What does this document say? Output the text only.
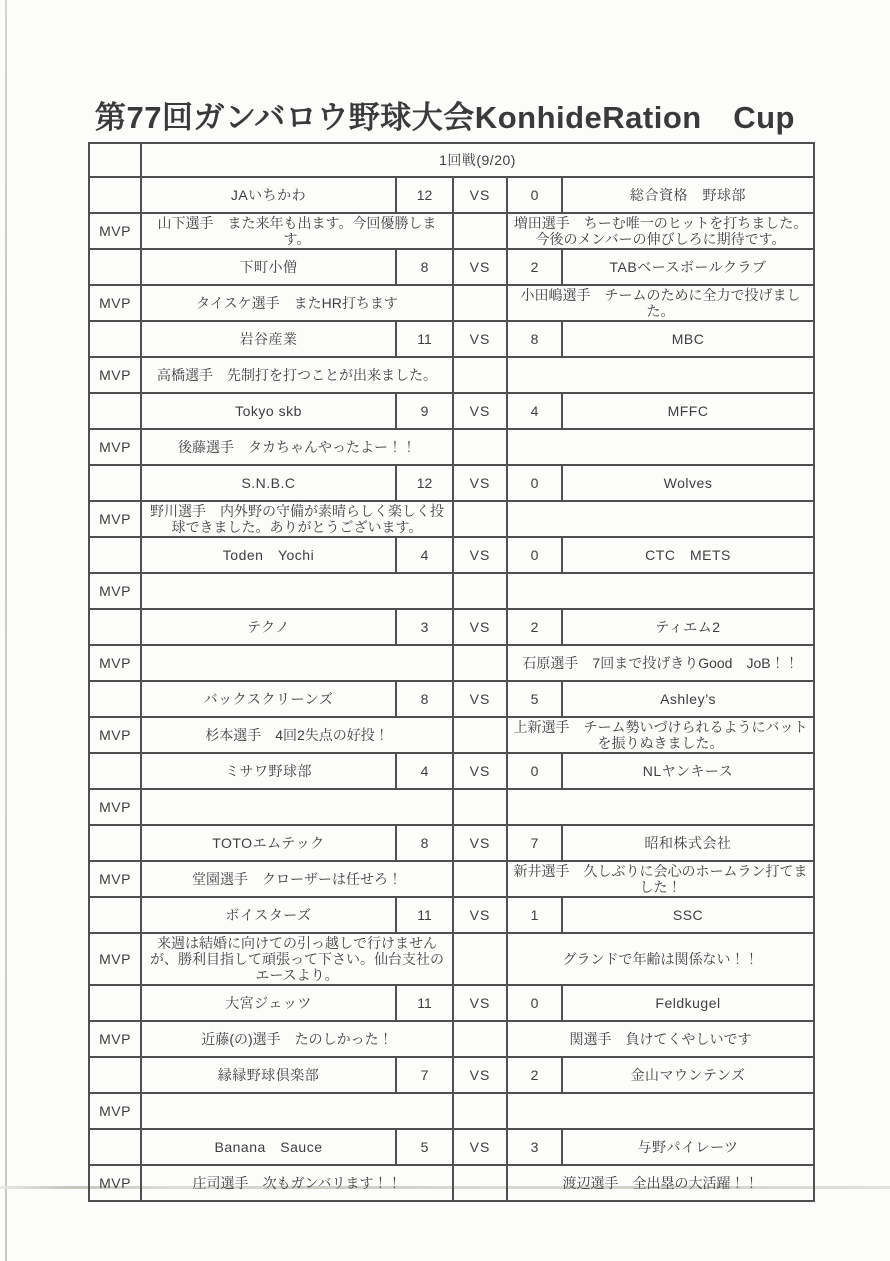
第77回ガンバロウ野球大会KonhideRation　Cup
	1回戦(9/20)				
	JAいちかわ	12	VS	0	総合資格　野球部
MVP	山下選手　また来年も出ます。今回優勝します。			増田選手　ちーむ唯一のヒットを打ちました。今後のメンバーの伸びしろに期待です。	
	下町小僧	8	VS	2	TABベースボールクラブ
MVP	タイスケ選手　またHR打ちます			小田嶋選手　チームのために全力で投げました。	
	岩谷産業	11	VS	8	MBC
MVP	高橋選手　先制打を打つことが出来ました。				
	Tokyo skb	9	VS	4	MFFC
MVP	後藤選手　タカちゃんやったよー！！				
	S.N.B.C	12	VS	0	Wolves
MVP	野川選手　内外野の守備が素晴らしく楽しく投球できました。ありがとうございます。				
	Toden　Yochi	4	VS	0	CTC　METS
MVP					
	テクノ	3	VS	2	ティエム2
MVP				石原選手　7回まで投げきりGood　JoB！！	
	バックスクリーンズ	8	VS	5	Ashley’s
MVP	杉本選手　4回2失点の好投！			上新選手　チーム勢いづけられるようにバットを振りぬきました。	
	ミサワ野球部	4	VS	0	NLヤンキース
MVP					
	TOTOエムテック	8	VS	7	昭和株式会社
MVP	堂園選手　クローザーは任せろ！			新井選手　久しぶりに会心のホームラン打てました！	
	ボイスターズ	11	VS	1	SSC
MVP	来週は結婚に向けての引っ越しで行けませんが、勝利目指して頑張って下さい。仙台支社のエースより。			グランドで年齢は関係ない！！	
	大宮ジェッツ	11	VS	0	Feldkugel
MVP	近藤(の)選手　たのしかった！			関選手　負けてくやしいです	
	縁縁野球倶楽部	7	VS	2	金山マウンテンズ
MVP					
	Banana　Sauce	5	VS	3	与野パイレーツ
MVP	庄司選手　次もガンバリます！！			渡辺選手　全出塁の大活躍！！	
